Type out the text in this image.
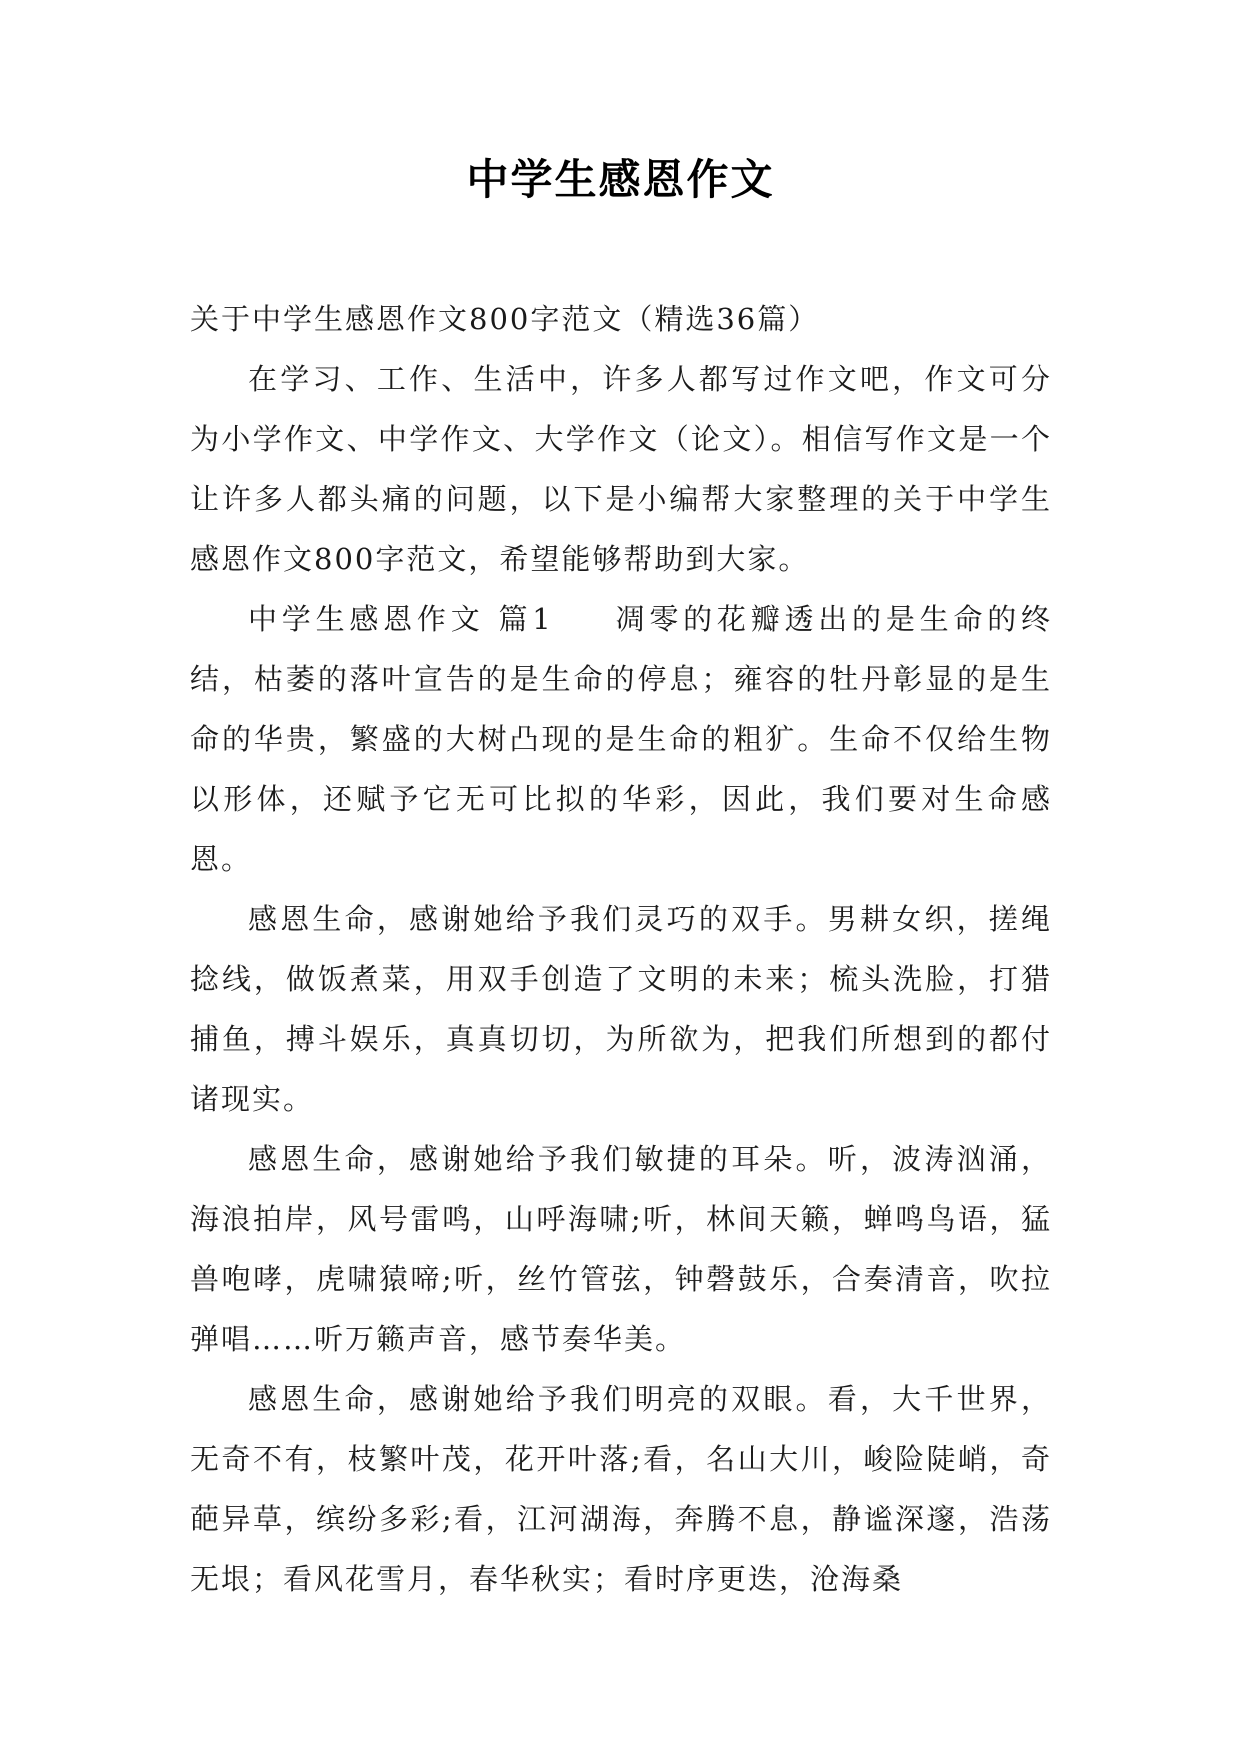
中学生感恩作文

关于中学生感恩作文800字范文（精选36篇）

在学习、工作、生活中，许多人都写过作文吧，作文可分为小学作文、中学作文、大学作文（论文）。相信写作文是一个让许多人都头痛的问题，以下是小编帮大家整理的关于中学生感恩作文800字范文，希望能够帮助到大家。

中学生感恩作文 篇1 凋零的花瓣透出的是生命的终结，枯萎的落叶宣告的是生命的停息；雍容的牡丹彰显的是生命的华贵，繁盛的大树凸现的是生命的粗犷。生命不仅给生物以形体，还赋予它无可比拟的华彩，因此，我们要对生命感恩。

感恩生命，感谢她给予我们灵巧的双手。男耕女织，搓绳捻线，做饭煮菜，用双手创造了文明的未来；梳头洗脸，打猎捕鱼，搏斗娱乐，真真切切，为所欲为，把我们所想到的都付诸现实。

感恩生命，感谢她给予我们敏捷的耳朵。听，波涛汹涌，海浪拍岸，风号雷鸣，山呼海啸;听，林间天籁，蝉鸣鸟语，猛兽咆哮，虎啸猿啼;听，丝竹管弦，钟磬鼓乐，合奏清音，吹拉弹唱……听万籁声音，感节奏华美。

感恩生命，感谢她给予我们明亮的双眼。看，大千世界，无奇不有，枝繁叶茂，花开叶落;看，名山大川，峻险陡峭，奇葩异草，缤纷多彩;看，江河湖海，奔腾不息，静谧深邃，浩荡无垠；看风花雪月，春华秋实；看时序更迭，沧海桑
